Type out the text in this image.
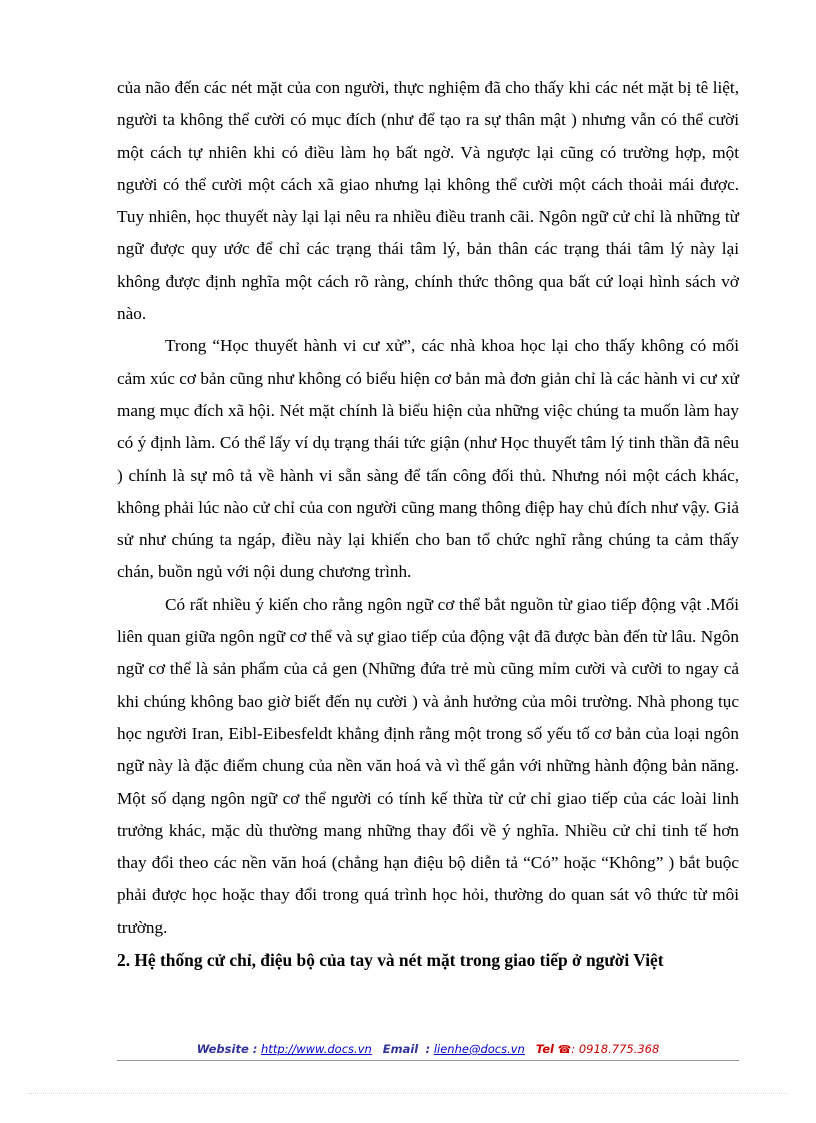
của não đến các nét mặt của con người, thực nghiệm đã cho thấy khi các nét mặt bị tê liệt, người ta không thể cười có mục đích (như để tạo ra sự thân mật ) nhưng vẫn có thể cười một cách tự nhiên khi có điều làm họ bất ngờ. Và ngược lại cũng có trường hợp, một người có thể cười một cách xã giao nhưng lại không thể cười một cách thoải mái được. Tuy nhiên, học thuyết này lại lại nêu ra nhiều điều tranh cãi. Ngôn ngữ cử chỉ là những từ ngữ được quy ước để chỉ các trạng thái tâm lý, bản thân các trạng thái tâm lý này lại không được định nghĩa một cách rõ ràng, chính thức thông qua bất cứ loại hình sách vở nào.

Trong “Học thuyết hành vi cư xử”, các nhà khoa học lại cho thấy không có mối cảm xúc cơ bản cũng như không có biểu hiện cơ bản mà đơn giản chỉ là các hành vi cư xử mang mục đích xã hội. Nét mặt chính là biểu hiện của những việc chúng ta muốn làm hay có ý định làm. Có thể lấy ví dụ trạng thái tức giận (như Học thuyết tâm lý tinh thần đã nêu ) chính là sự mô tả về hành vi sẵn sàng để tấn công đối thủ. Nhưng nói một cách khác, không phải lúc nào cử chỉ của con người cũng mang thông điệp hay chủ đích như vậy. Giả sử như chúng ta ngáp, điều này lại khiến cho ban tổ chức nghĩ rằng chúng ta cảm thấy chán, buồn ngủ với nội dung chương trình.

Có rất nhiều ý kiến cho rằng ngôn ngữ cơ thể bắt nguồn từ giao tiếp động vật .Mối liên quan giữa ngôn ngữ cơ thể và sự giao tiếp của động vật đã được bàn đến từ lâu. Ngôn ngữ cơ thể là sản phẩm của cả gen (Những đứa trẻ mù cũng mỉm cười và cười to ngay cả khi chúng không bao giờ biết đến nụ cười ) và ảnh hưởng của môi trường. Nhà phong tục học người Iran, Eibl-Eibesfeldt khẳng định rằng một trong số yếu tố cơ bản của loại ngôn ngữ này là đặc điểm chung của nền văn hoá và vì thế gắn với những hành động bản năng. Một số dạng ngôn ngữ cơ thể người có tính kế thừa từ cử chỉ giao tiếp của các loài linh trưởng khác, mặc dù thường mang những thay đổi về ý nghĩa. Nhiều cử chỉ tinh tế hơn thay đổi theo các nền văn hoá (chẳng hạn điệu bộ diễn tả “Có” hoặc “Không” ) bắt buộc phải được học hoặc thay đổi trong quá trình học hỏi, thường do quan sát vô thức từ môi trường.

2. Hệ thống cử chỉ, điệu bộ của tay và nét mặt trong giao tiếp ở người Việt
Website : http://www.docs.vn Email : lienhe@docs.vn Tel ☎: 0918.775.368
